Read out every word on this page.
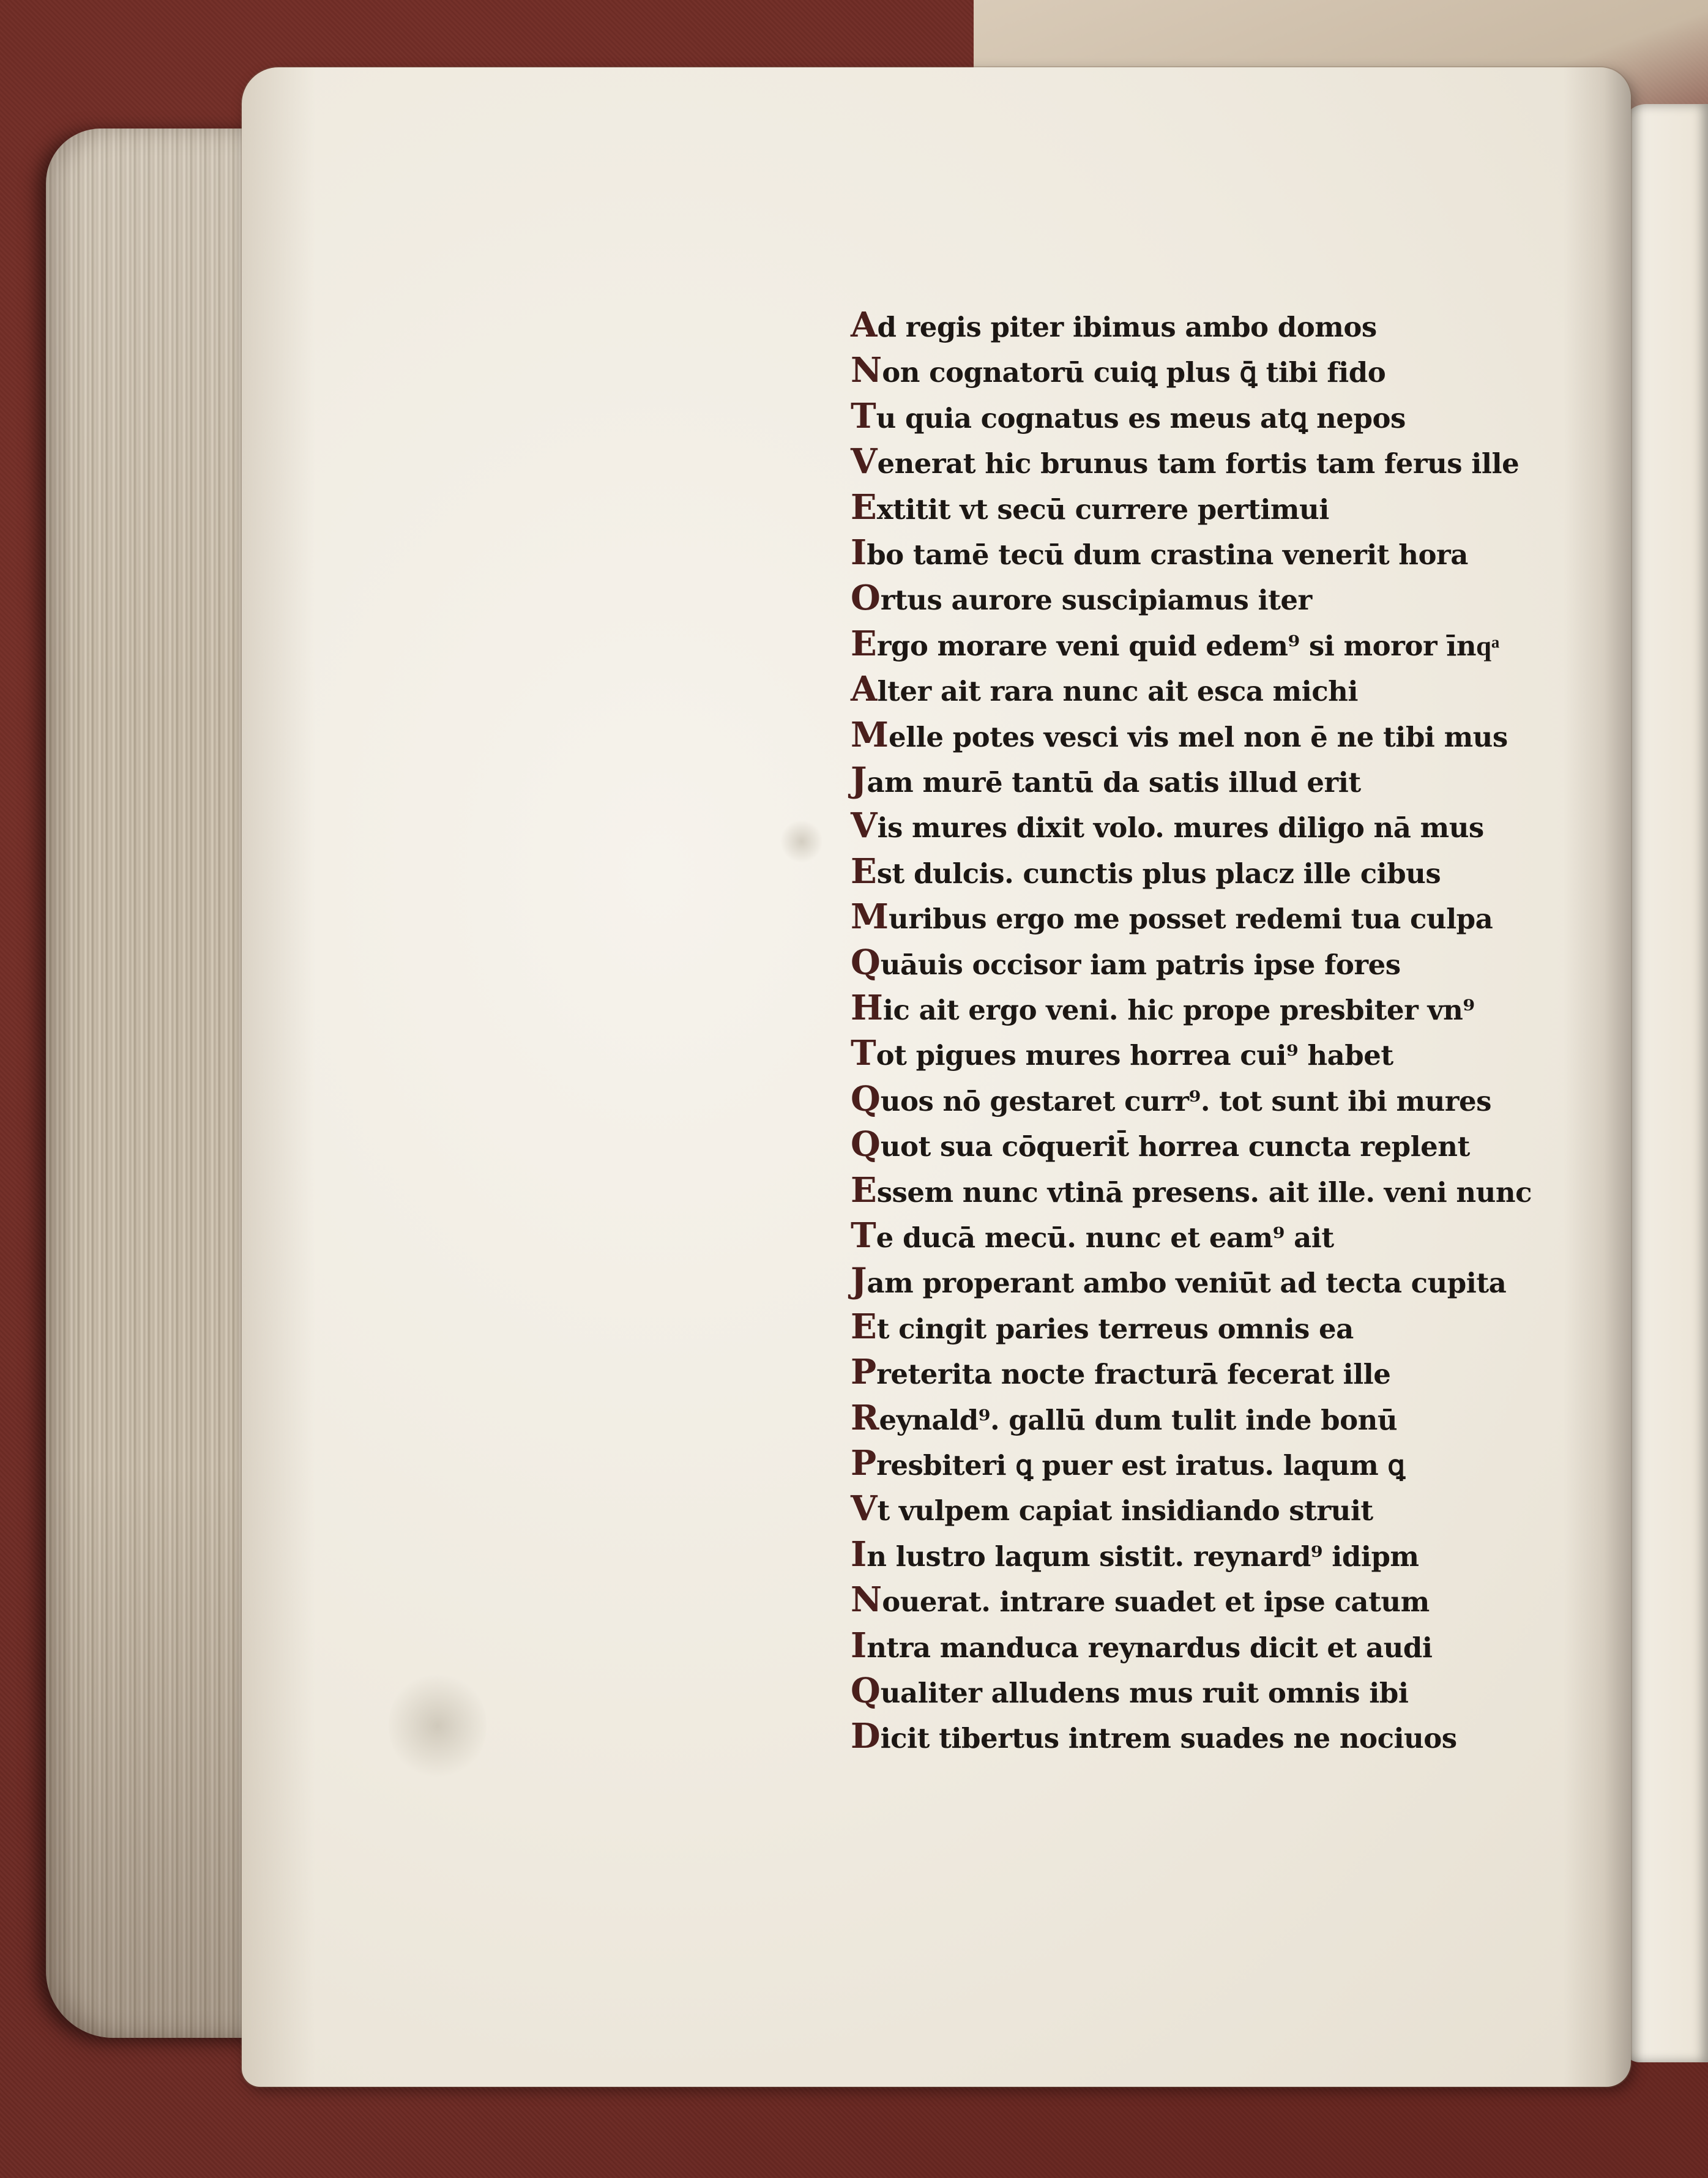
Ad regis piter ibimus ambo domos
Non cognatorū cuiꝗ plus ꝗ̄ tibi fido
Tu quia cognatus es meus atꝗ nepos
Venerat hic brunus tam fortis tam ferus ille
Extitit vt secū currere pertimui
Ibo tamē tecū dum crastina venerit hora
Ortus aurore suscipiamus iter
Ergo morare veni quid edem⁹ si moror īnqͣ
Alter ait rara nunc ait esca michi
Melle potes vesci vis mel non ē ne tibi mus
Jam murē tantū da satis illud erit
Vis mures dixit volo. mures diligo nā mus
Est dulcis. cunctis plus placz ille cibus
Muribus ergo me posset redemi tua culpa
Quāuis occisor iam patris ipse fores
Hic ait ergo veni. hic prope presbiter vn⁹
Tot pigues mures horrea cui⁹ habet
Quos nō gestaret curr⁹. tot sunt ibi mures
Quot sua cōquerit̄ horrea cuncta replent
Essem nunc vtinā presens. ait ille. veni nunc
Te ducā mecū. nunc et eam⁹ ait
Jam properant ambo veniūt ad tecta cupita
Et cingit paries terreus omnis ea
Preterita nocte fracturā fecerat ille
Reynald⁹. gallū dum tulit inde bonū
Presbiteri ꝗ puer est iratus. laqum ꝗ
Vt vulpem capiat insidiando struit
In lustro laqum sistit. reynard⁹ idipm
Nouerat. intrare suadet et ipse catum
Intra manduca reynardus dicit et audi
Qualiter alludens mus ruit omnis ibi
Dicit tibertus intrem suades ne nociuos
